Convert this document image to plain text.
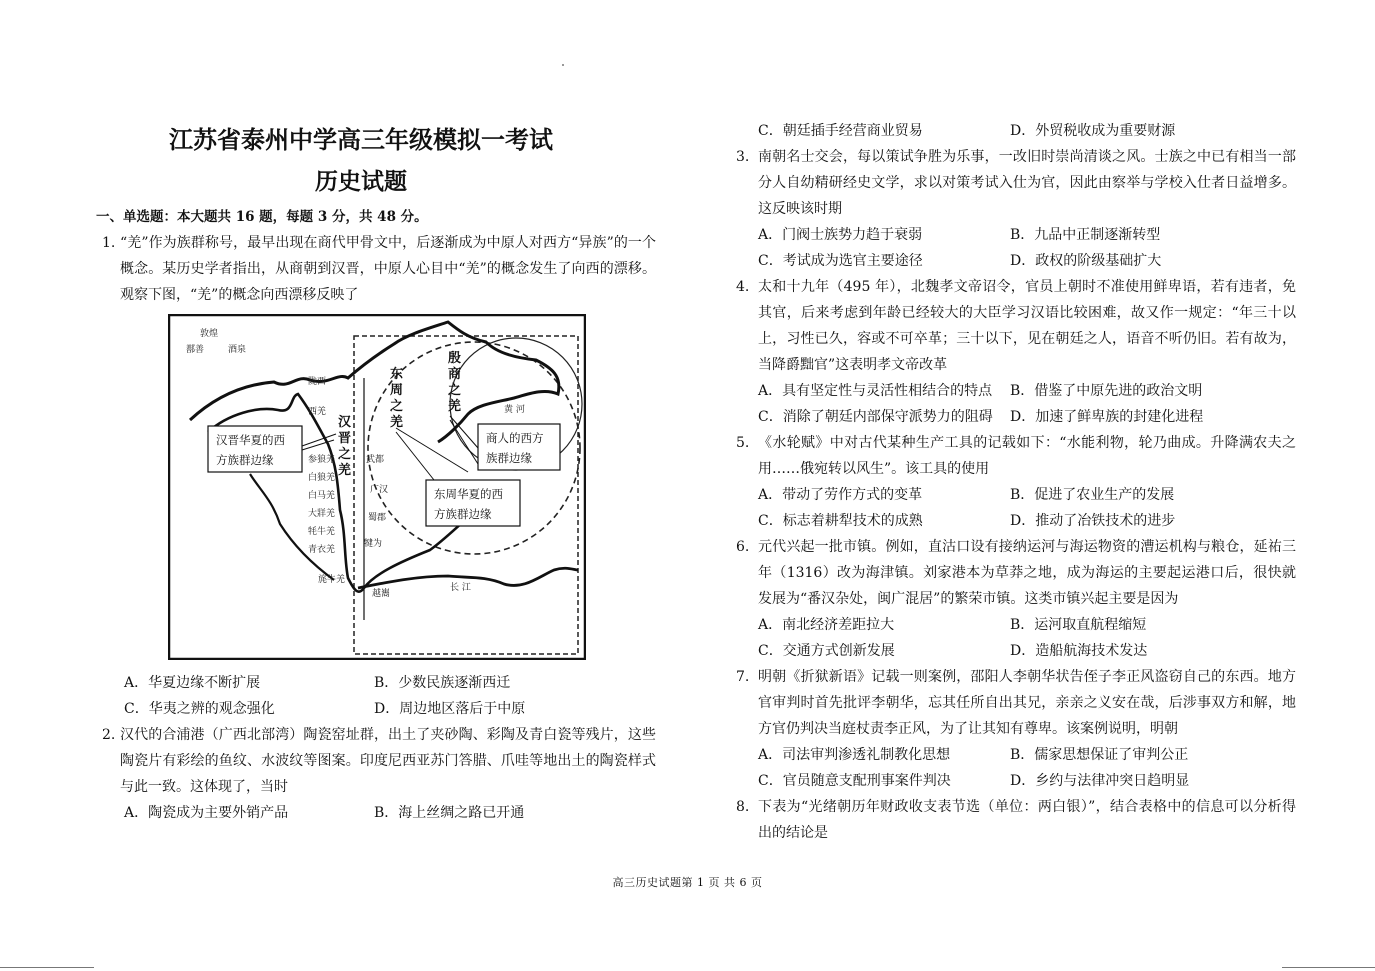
江苏省泰州中学高三年级模拟一考试
历史试题
一、单选题：本大题共 16 题，每题 3 分，共 48 分。
1. “羌”作为族群称号，最早出现在商代甲骨文中，后逐渐成为中原人对西方“异族”的一个概念。某历史学者指出，从商朝到汉晋，中原人心目中“羌”的概念发生了向西的漂移。观察下图，“羌”的概念向西漂移反映了
敦煌
鄯善	酒泉
陇西
西羌
参狼羌
白狼羌
白马羌
大牂羌
牦牛羌
青衣羌
旄牛羌
武都
广汉
蜀郡
犍为
越巂
黄 河
长 江
汉 晋 之 羌
东 周 之 羌
殷 商 之 羌
汉晋华夏的西
方族群边缘
东周华夏的西
方族群边缘
商人的西方
族群边缘
A．华夏边缘不断扩展	B．少数民族逐渐西迁
C．华夷之辨的观念强化	D．周边地区落后于中原
2. 汉代的合浦港（广西北部湾）陶瓷窑址群，出土了夹砂陶、彩陶及青白瓷等残片，这些陶瓷片有彩绘的鱼纹、水波纹等图案。印度尼西亚苏门答腊、爪哇等地出土的陶瓷样式与此一致。这体现了，当时
A．陶瓷成为主要外销产品	B．海上丝绸之路已开通
C．朝廷插手经营商业贸易	D．外贸税收成为重要财源
3. 南朝名士交会，每以策试争胜为乐事，一改旧时崇尚清谈之风。士族之中已有相当一部分人自幼精研经史文学，求以对策考试入仕为官，因此由察举与学校入仕者日益增多。这反映该时期
A．门阀士族势力趋于衰弱	B．九品中正制逐渐转型
C．考试成为选官主要途径	D．政权的阶级基础扩大
4. 太和十九年（495 年），北魏孝文帝诏令，官员上朝时不准使用鲜卑语，若有违者，免其官，后来考虑到年龄已经较大的大臣学习汉语比较困难，故又作一规定：“年三十以上，习性已久，容或不可卒革；三十以下，见在朝廷之人，语音不听仍旧。若有故为，当降爵黜官”这表明孝文帝改革
A．具有坚定性与灵活性相结合的特点	B．借鉴了中原先进的政治文明
C．消除了朝廷内部保守派势力的阻碍	D．加速了鲜卑族的封建化进程
5. 《水轮赋》中对古代某种生产工具的记载如下：“水能利物，轮乃曲成。升降满农夫之用……俄宛转以风生”。该工具的使用
A．带动了劳作方式的变革	B．促进了农业生产的发展
C．标志着耕犁技术的成熟	D．推动了冶铁技术的进步
6. 元代兴起一批市镇。例如，直沽口设有接纳运河与海运物资的漕运机构与粮仓，延祐三年（1316）改为海津镇。刘家港本为草莽之地，成为海运的主要起运港口后，很快就发展为“番汉杂处，闽广混居”的繁荣市镇。这类市镇兴起主要是因为
A．南北经济差距拉大	B．运河取直航程缩短
C．交通方式创新发展	D．造船航海技术发达
7. 明朝《折狱新语》记载一则案例，邵阳人李朝华状告侄子李正风盗窃自己的东西。地方官审判时首先批评李朝华，忘其任所自出其兄，亲亲之义安在哉，后涉事双方和解，地方官仍判决当庭杖责李正风，为了让其知有尊卑。该案例说明，明朝
A．司法审判渗透礼制教化思想	B．儒家思想保证了审判公正
C．官员随意支配刑事案件判决	D．乡约与法律冲突日趋明显
8. 下表为“光绪朝历年财政收支表节选（单位：两白银）”，结合表格中的信息可以分析得出的结论是
高三历史试题第 1 页 共 6 页
